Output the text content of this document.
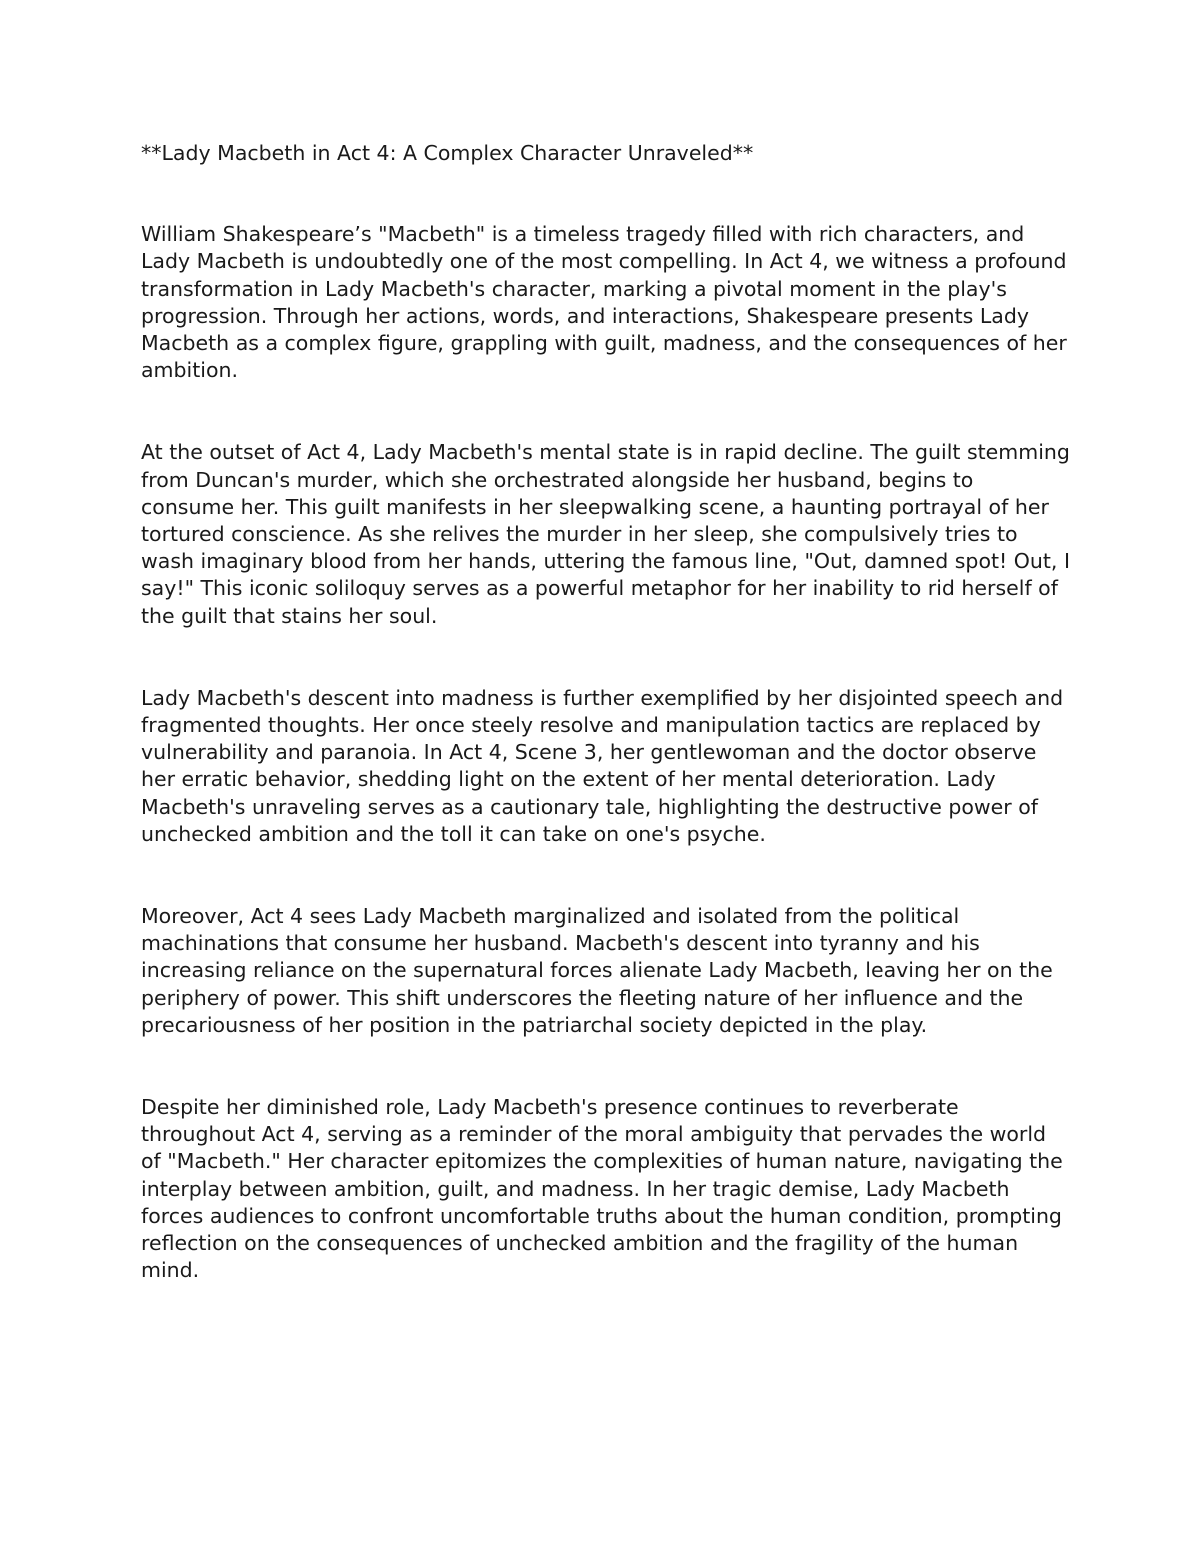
**Lady Macbeth in Act 4: A Complex Character Unraveled**

William Shakespeare’s "Macbeth" is a timeless tragedy filled with rich characters, and Lady Macbeth is undoubtedly one of the most compelling. In Act 4, we witness a profound transformation in Lady Macbeth's character, marking a pivotal moment in the play's progression. Through her actions, words, and interactions, Shakespeare presents Lady Macbeth as a complex figure, grappling with guilt, madness, and the consequences of her ambition.

At the outset of Act 4, Lady Macbeth's mental state is in rapid decline. The guilt stemming from Duncan's murder, which she orchestrated alongside her husband, begins to consume her. This guilt manifests in her sleepwalking scene, a haunting portrayal of her tortured conscience. As she relives the murder in her sleep, she compulsively tries to wash imaginary blood from her hands, uttering the famous line, "Out, damned spot! Out, I say!" This iconic soliloquy serves as a powerful metaphor for her inability to rid herself of the guilt that stains her soul.

Lady Macbeth's descent into madness is further exemplified by her disjointed speech and fragmented thoughts. Her once steely resolve and manipulation tactics are replaced by vulnerability and paranoia. In Act 4, Scene 3, her gentlewoman and the doctor observe her erratic behavior, shedding light on the extent of her mental deterioration. Lady Macbeth's unraveling serves as a cautionary tale, highlighting the destructive power of unchecked ambition and the toll it can take on one's psyche.

Moreover, Act 4 sees Lady Macbeth marginalized and isolated from the political machinations that consume her husband. Macbeth's descent into tyranny and his increasing reliance on the supernatural forces alienate Lady Macbeth, leaving her on the periphery of power. This shift underscores the fleeting nature of her influence and the precariousness of her position in the patriarchal society depicted in the play.

Despite her diminished role, Lady Macbeth's presence continues to reverberate throughout Act 4, serving as a reminder of the moral ambiguity that pervades the world of "Macbeth." Her character epitomizes the complexities of human nature, navigating the interplay between ambition, guilt, and madness. In her tragic demise, Lady Macbeth forces audiences to confront uncomfortable truths about the human condition, prompting reflection on the consequences of unchecked ambition and the fragility of the human mind.
